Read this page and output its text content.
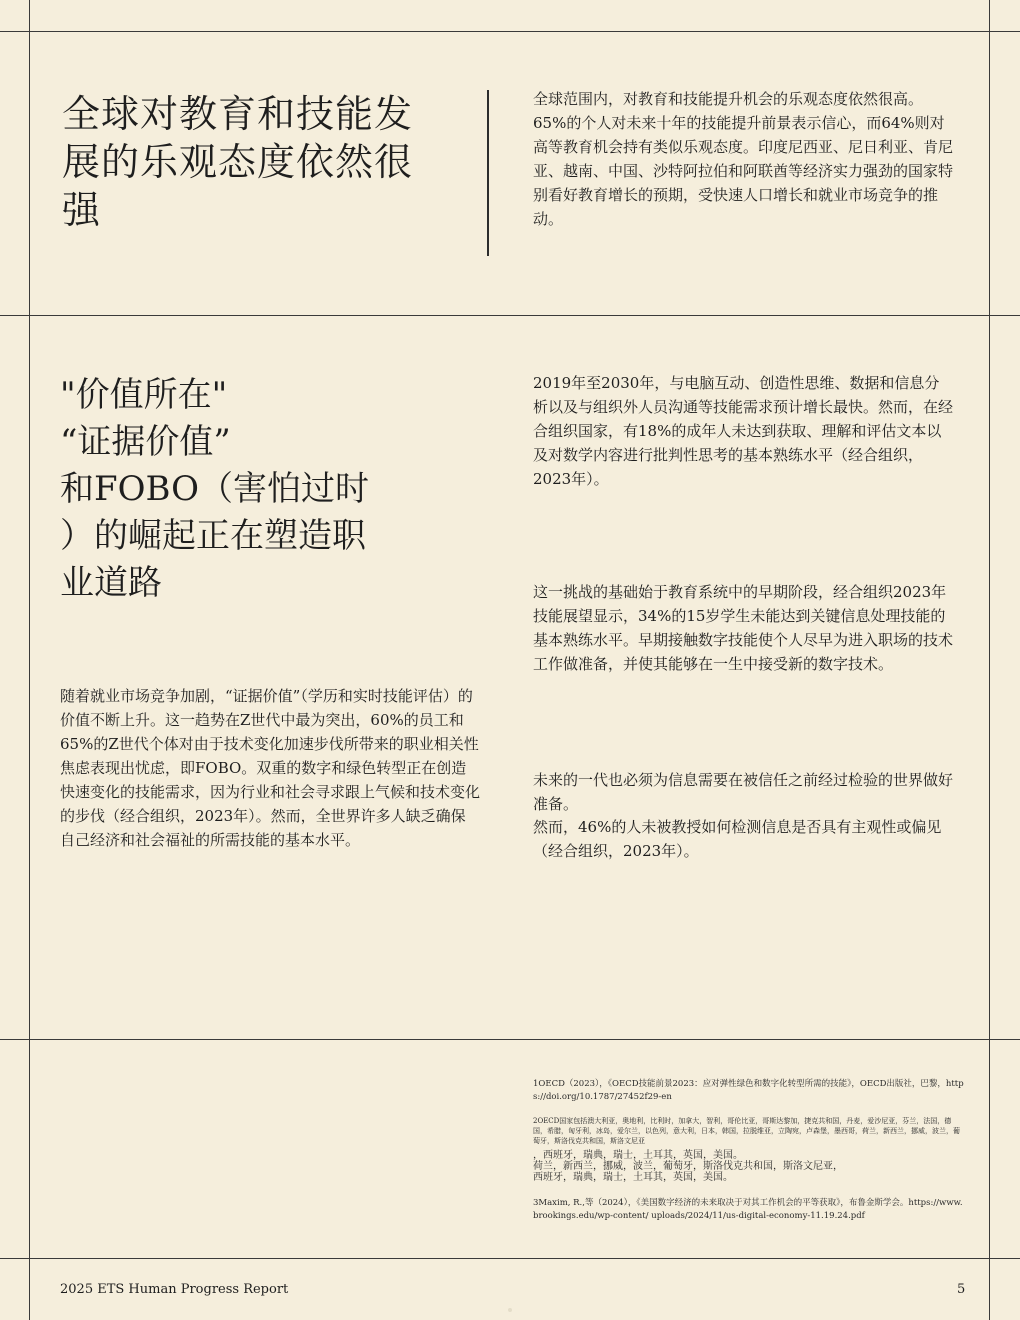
全球对教育和技能发展的乐观态度依然很强

全球范围内，对教育和技能提升机会的乐观态度依然很高。65%的个人对未来十年的技能提升前景表示信心，而64%则对高等教育机会持有类似乐观态度。印度尼西亚、尼日利亚、肯尼亚、越南、中国、沙特阿拉伯和阿联酋等经济实力强劲的国家特别看好教育增长的预期，受快速人口增长和就业市场竞争的推动。

"价值所在"
“证据价值”
和FOBO（害怕过时
）的崛起正在塑造职
业道路

随着就业市场竞争加剧，“证据价值”（学历和实时技能评估）的价值不断上升。这一趋势在Z世代中最为突出，60%的员工和65%的Z世代个体对由于技术变化加速步伐所带来的职业相关性焦虑表现出忧虑，即FOBO。双重的数字和绿色转型正在创造快速变化的技能需求，因为行业和社会寻求跟上气候和技术变化的步伐（经合组织，2023年）。然而，全世界许多人缺乏确保自己经济和社会福祉的所需技能的基本水平。

2019年至2030年，与电脑互动、创造性思维、数据和信息分析以及与组织外人员沟通等技能需求预计增长最快。然而，在经合组织国家，有18%的成年人未达到获取、理解和评估文本以及对数学内容进行批判性思考的基本熟练水平（经合组织，2023年）。

这一挑战的基础始于教育系统中的早期阶段，经合组织2023年技能展望显示，34%的15岁学生未能达到关键信息处理技能的基本熟练水平。早期接触数字技能使个人尽早为进入职场的技术工作做准备，并使其能够在一生中接受新的数字技术。

未来的一代也必须为信息需要在被信任之前经过检验的世界做好准备。

然而，46%的人未被教授如何检测信息是否具有主观性或偏见（经合组织，2023年）。

1OECD（2023），《OECD技能前景2023：应对弹性绿色和数字化转型所需的技能》，OECD出版社，巴黎，https://doi.org/10.1787/27452f29-en

2OECD国家包括澳大利亚，奥地利，比利时，加拿大，智利，哥伦比亚，哥斯达黎加，捷克共和国，丹麦，爱沙尼亚，芬兰，法国，德国，希腊，匈牙利，冰岛，爱尔兰，以色列，意大利，日本，韩国，拉脱维亚，立陶宛，卢森堡，墨西哥，荷兰，新西兰，挪威，波兰，葡萄牙，斯洛伐克共和国，斯洛文尼亚

，西班牙，瑞典，瑞士，土耳其，英国，美国。

荷兰，新西兰，挪威，波兰，葡萄牙，斯洛伐克共和国，斯洛文尼亚，

西班牙，瑞典，瑞士，土耳其，英国，美国。

3Maxim, R.,等（2024），《美国数字经济的未来取决于对其工作机会的平等获取》，布鲁金斯学会。https://www.brookings.edu/wp-content/ uploads/2024/11/us-digital-economy-11.19.24.pdf

2025 ETS Human Progress Report	5
